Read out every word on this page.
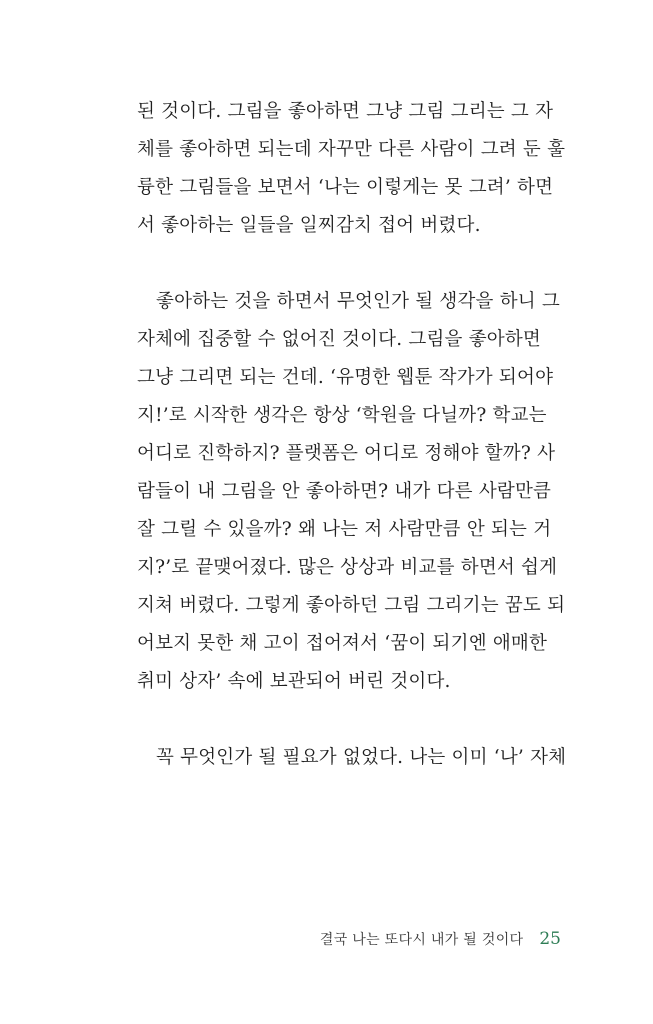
된 것이다. 그림을 좋아하면 그냥 그림 그리는 그 자
체를 좋아하면 되는데 자꾸만 다른 사람이 그려 둔 훌
륭한 그림들을 보면서 ‘나는 이렇게는 못 그려’ 하면
서 좋아하는 일들을 일찌감치 접어 버렸다.
좋아하는 것을 하면서 무엇인가 될 생각을 하니 그
자체에 집중할 수 없어진 것이다. 그림을 좋아하면
그냥 그리면 되는 건데. ‘유명한 웹툰 작가가 되어야
지!’로 시작한 생각은 항상 ‘학원을 다닐까? 학교는
어디로 진학하지? 플랫폼은 어디로 정해야 할까? 사
람들이 내 그림을 안 좋아하면? 내가 다른 사람만큼
잘 그릴 수 있을까? 왜 나는 저 사람만큼 안 되는 거
지?’로 끝맺어졌다. 많은 상상과 비교를 하면서 쉽게
지쳐 버렸다. 그렇게 좋아하던 그림 그리기는 꿈도 되
어보지 못한 채 고이 접어져서 ‘꿈이 되기엔 애매한
취미 상자’ 속에 보관되어 버린 것이다.
꼭 무엇인가 될 필요가 없었다. 나는 이미 ‘나’ 자체
결국 나는 또다시 내가 될 것이다 25
